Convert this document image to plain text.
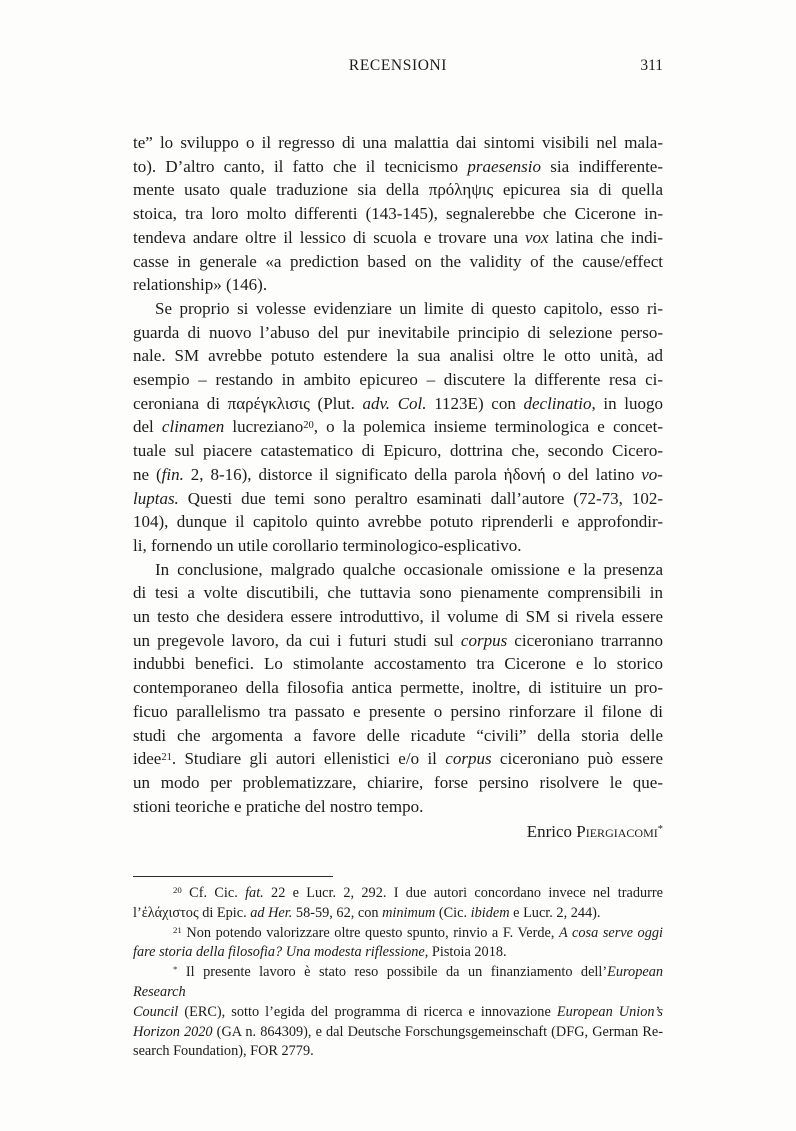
RECENSIONI	311
te” lo sviluppo o il regresso di una malattia dai sintomi visibili nel mala-
to). D’altro canto, il fatto che il tecnicismo praesensio sia indifferente-
mente usato quale traduzione sia della πρόληψις epicurea sia di quella
stoica, tra loro molto differenti (143-145), segnalerebbe che Cicerone in-
tendeva andare oltre il lessico di scuola e trovare una vox latina che indi-
casse in generale «a prediction based on the validity of the cause/effect
relationship» (146).
Se proprio si volesse evidenziare un limite di questo capitolo, esso ri-
guarda di nuovo l’abuso del pur inevitabile principio di selezione perso-
nale. SM avrebbe potuto estendere la sua analisi oltre le otto unità, ad
esempio – restando in ambito epicureo – discutere la differente resa ci-
ceroniana di παρέγκλισις (Plut. adv. Col. 1123E) con declinatio, in luogo
del clinamen lucreziano20, o la polemica insieme terminologica e concet-
tuale sul piacere catastematico di Epicuro, dottrina che, secondo Cicero-
ne (fin. 2, 8-16), distorce il significato della parola ἡδονή o del latino vo-
luptas. Questi due temi sono peraltro esaminati dall’autore (72-73, 102-
104), dunque il capitolo quinto avrebbe potuto riprenderli e approfondir-
li, fornendo un utile corollario terminologico-esplicativo.
In conclusione, malgrado qualche occasionale omissione e la presenza
di tesi a volte discutibili, che tuttavia sono pienamente comprensibili in
un testo che desidera essere introduttivo, il volume di SM si rivela essere
un pregevole lavoro, da cui i futuri studi sul corpus ciceroniano trarranno
indubbi benefici. Lo stimolante accostamento tra Cicerone e lo storico
contemporaneo della filosofia antica permette, inoltre, di istituire un pro-
ficuo parallelismo tra passato e presente o persino rinforzare il filone di
studi che argomenta a favore delle ricadute “civili” della storia delle
idee21. Studiare gli autori ellenistici e/o il corpus ciceroniano può essere
un modo per problematizzare, chiarire, forse persino risolvere le que-
stioni teoriche e pratiche del nostro tempo.
Enrico Piergiacomi*
20 Cf. Cic. fat. 22 e Lucr. 2, 292. I due autori concordano invece nel tradurre
l’ἐλάχιστος di Epic. ad Her. 58-59, 62, con minimum (Cic. ibidem e Lucr. 2, 244).
21 Non potendo valorizzare oltre questo spunto, rinvio a F. Verde, A cosa serve oggi
fare storia della filosofia? Una modesta riflessione, Pistoia 2018.
* Il presente lavoro è stato reso possibile da un finanziamento dell’European Research
Council (ERC), sotto l’egida del programma di ricerca e innovazione European Union’s
Horizon 2020 (GA n. 864309), e dal Deutsche Forschungsgemeinschaft (DFG, German Re-
search Foundation), FOR 2779.
